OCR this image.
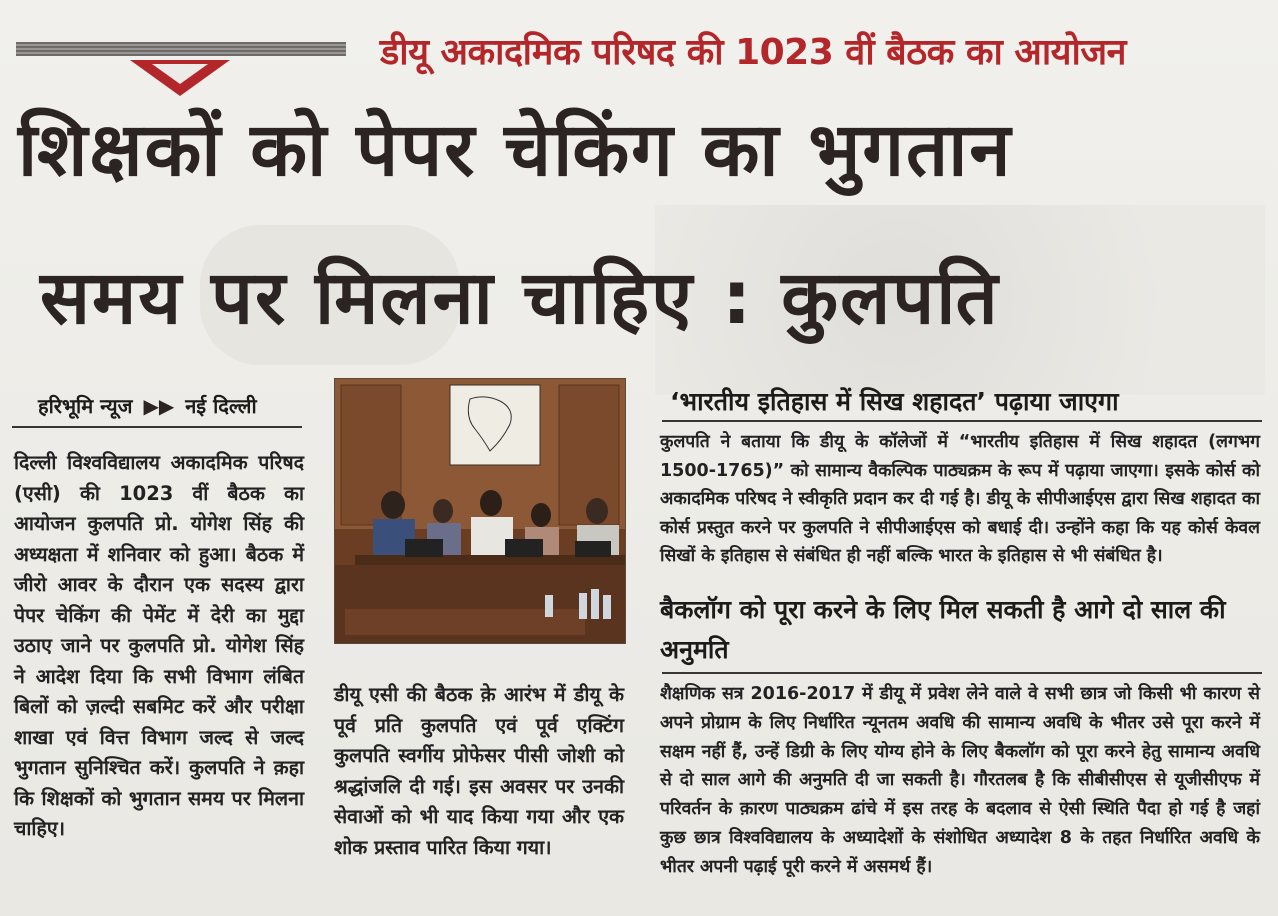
डीयू अकादमिक परिषद की 1023 वीं बैठक का आयोजन
शिक्षकों को पेपर चेकिंग का भुगतान
समय पर मिलना चाहिए : कुलपति
हरिभूमि न्यूज ▶▶ नई दिल्ली
दिल्ली विश्वविद्यालय अकादमिक परिषद (एसी) की 1023 वीं बैठक का आयोजन कुलपति प्रो. योगेश सिंह की अध्यक्षता में शनिवार को हुआ। बैठक में जीरो आवर के दौरान एक सदस्य द्वारा पेपर चेकिंग की पेमेंट में देरी का मुद्दा उठाए जाने पर कुलपति प्रो. योगेश सिंह ने आदेश दिया कि सभी विभाग लंबित बिलों को ज़ल्दी सबमिट करें और परीक्षा शाखा एवं वित्त विभाग जल्द से जल्द भुगतान सुनिश्चित करें। कुलपति ने क़हा कि शिक्षकों को भुगतान समय पर मिलना चाहिए।
डीयू एसी की बैठक क़े आरंभ में डीयू के पूर्व प्रति कुलपति एवं पूर्व एक्टिंग कुलपति स्वर्गीय प्रोफेसर पीसी जोशी को श्रद्धांजलि दी गई। इस अवसर पर उनकी सेवाओं को भी याद किया गया और एक शोक प्रस्ताव पारित किया गया।
‘भारतीय इतिहास में सिख शहादत’ पढ़ाया जाएगा
कुलपति ने बताया कि डीयू के कॉलेजों में “भारतीय इतिहास में सिख शहादत (लगभग 1500-1765)” को सामान्य वैकल्पिक पाठ्यक्रम के रूप में पढ़ाया जाएगा। इसके कोर्स को अकादमिक परिषद ने स्वीकृति प्रदान कर दी गई है। डीयू के सीपीआईएस द्वारा सिख शहादत का कोर्स प्रस्तुत करने पर कुलपति ने सीपीआईएस को बधाई दी। उन्होंने कहा कि यह कोर्स केवल सिखों के इतिहास से संबंधित ही नहीं बल्कि भारत के इतिहास से भी संबंधित है।
बैकलॉग को पूरा करने के लिए मिल सकती है आगे दो साल की अनुमति
शैक्षणिक सत्र 2016-2017 में डीयू में प्रवेश लेने वाले वे सभी छात्र जो किसी भी कारण से अपने प्रोग्राम के लिए निर्धारित न्यूनतम अवधि की सामान्य अवधि के भीतर उसे पूरा करने में सक्षम नहीं हैं, उन्हें डिग्री के लिए योग्य होने के लिए बैकलॉग को पूरा करने हेतु सामान्य अवधि से दो साल आगे की अनुमति दी जा सकती है। गौरतलब है कि सीबीसीएस से यूजीसीएफ में परिवर्तन के क़ारण पाठ्यक्रम ढांचे में इस तरह के बदलाव से ऐसी स्थिति पैदा हो गई है जहां कुछ छात्र विश्वविद्यालय के अध्यादेशों के संशोधित अध्यादेश 8 के तहत निर्धारित अवधि के भीतर अपनी पढ़ाई पूरी करने में असमर्थ हैं।
